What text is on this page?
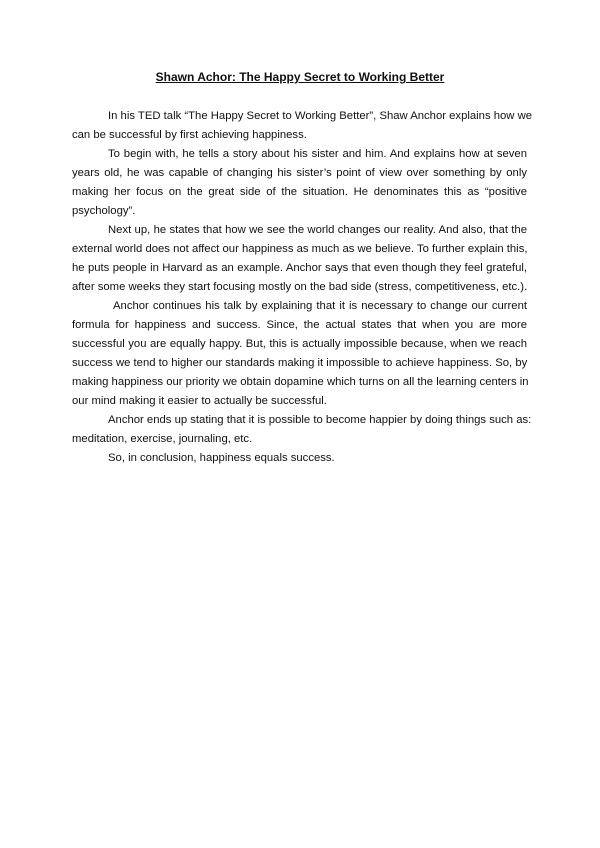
Shawn Achor: The Happy Secret to Working Better
In his TED talk “The Happy Secret to Working Better”, Shaw Anchor explains how we
can be successful by first achieving happiness.
To begin with, he tells a story about his sister and him. And explains how at seven
years old, he was capable of changing his sister’s point of view over something by only
making her focus on the great side of the situation. He denominates this as “positive
psychology”.
Next up, he states that how we see the world changes our reality. And also, that the
external world does not affect our happiness as much as we believe. To further explain this,
he puts people in Harvard as an example. Anchor says that even though they feel grateful,
after some weeks they start focusing mostly on the bad side (stress, competitiveness, etc.).
Anchor continues his talk by explaining that it is necessary to change our current
formula for happiness and success. Since, the actual states that when you are more
successful you are equally happy. But, this is actually impossible because, when we reach
success we tend to higher our standards making it impossible to achieve happiness. So, by
making happiness our priority we obtain dopamine which turns on all the learning centers in
our mind making it easier to actually be successful.
Anchor ends up stating that it is possible to become happier by doing things such as:
meditation, exercise, journaling, etc.
So, in conclusion, happiness equals success.
